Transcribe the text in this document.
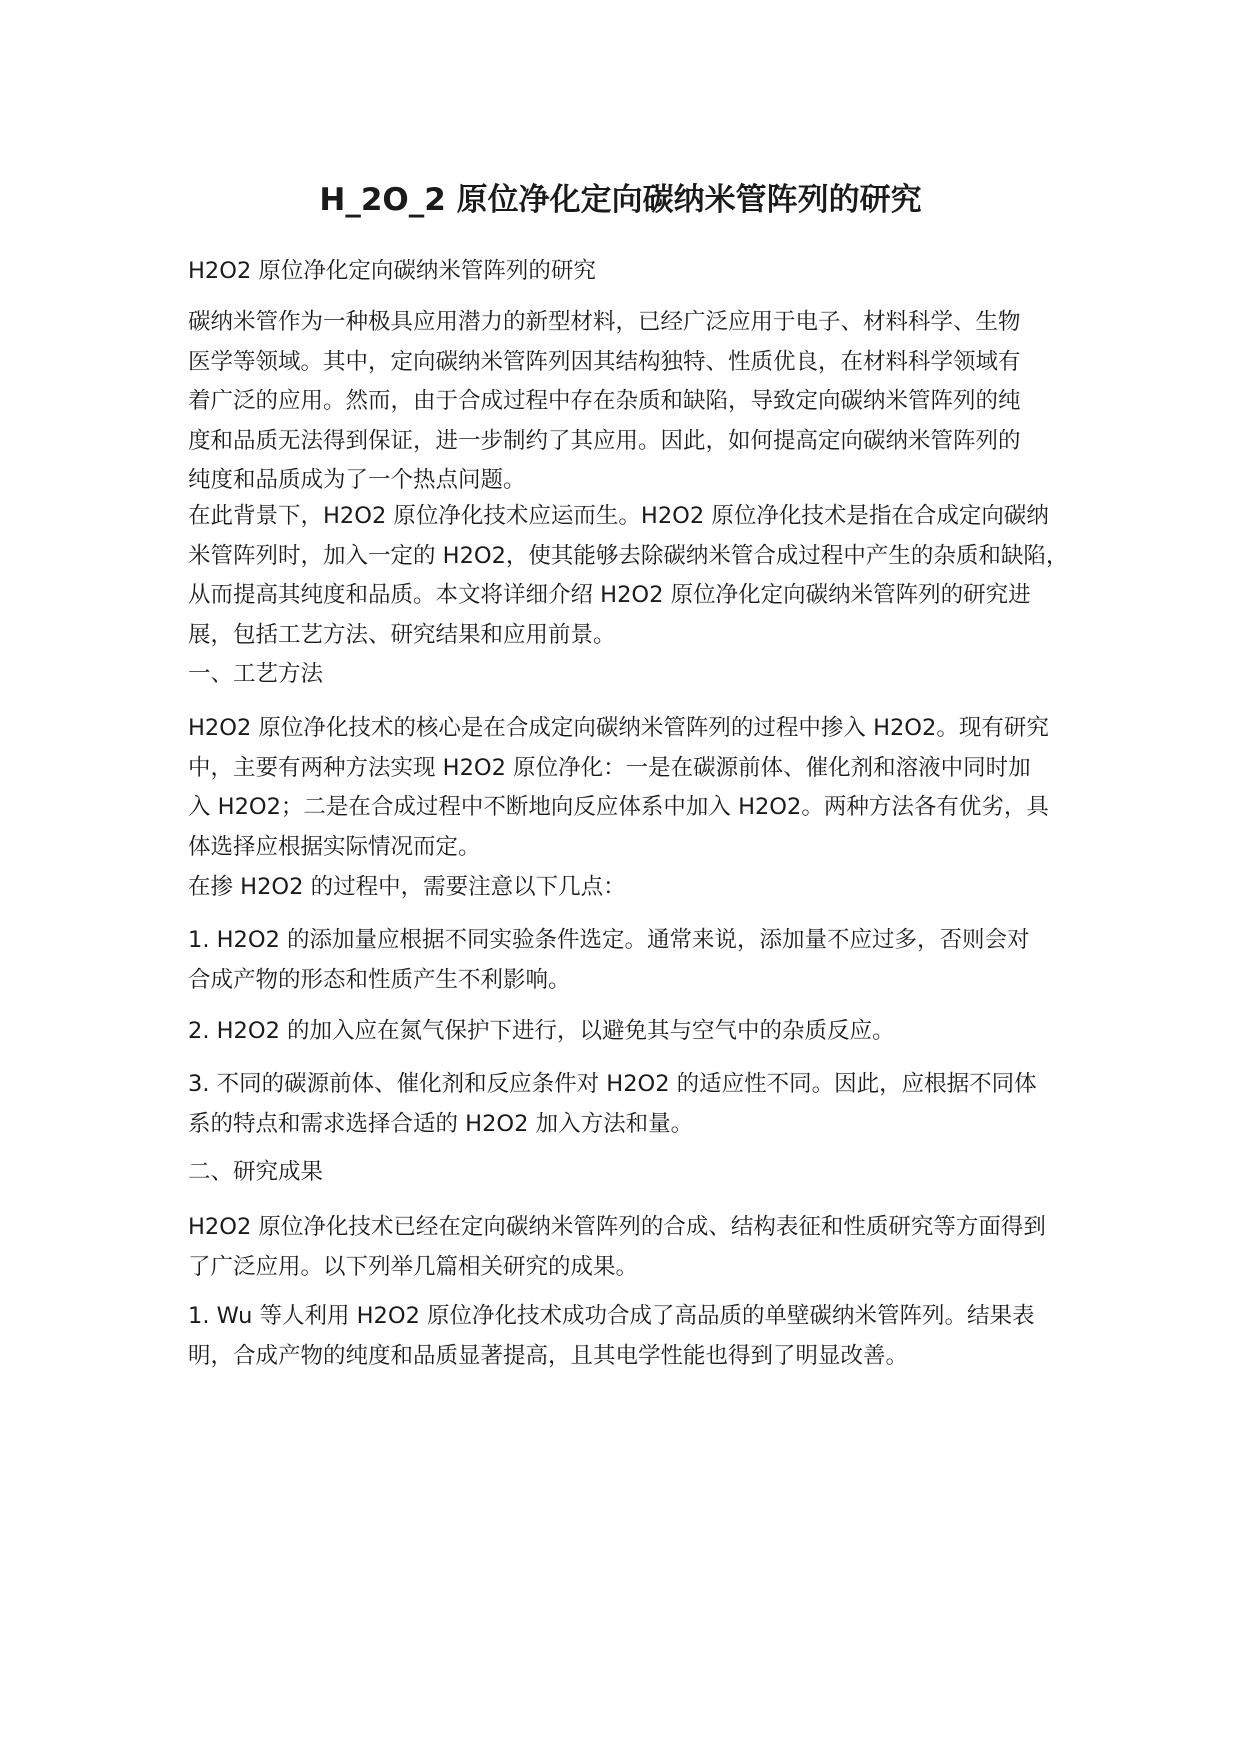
H_2O_2 原位净化定向碳纳米管阵列的研究

H2O2 原位净化定向碳纳米管阵列的研究

碳纳米管作为一种极具应用潜力的新型材料，已经广泛应用于电子、材料科学、生物
医学等领域。其中，定向碳纳米管阵列因其结构独特、性质优良，在材料科学领域有
着广泛的应用。然而，由于合成过程中存在杂质和缺陷，导致定向碳纳米管阵列的纯
度和品质无法得到保证，进一步制约了其应用。因此，如何提高定向碳纳米管阵列的
纯度和品质成为了一个热点问题。

在此背景下，H2O2 原位净化技术应运而生。H2O2 原位净化技术是指在合成定向碳纳
米管阵列时，加入一定的 H2O2，使其能够去除碳纳米管合成过程中产生的杂质和缺陷，
从而提高其纯度和品质。本文将详细介绍 H2O2 原位净化定向碳纳米管阵列的研究进
展，包括工艺方法、研究结果和应用前景。

一、工艺方法

H2O2 原位净化技术的核心是在合成定向碳纳米管阵列的过程中掺入 H2O2。现有研究
中，主要有两种方法实现 H2O2 原位净化：一是在碳源前体、催化剂和溶液中同时加
入 H2O2；二是在合成过程中不断地向反应体系中加入 H2O2。两种方法各有优劣，具
体选择应根据实际情况而定。

在掺 H2O2 的过程中，需要注意以下几点：

1. H2O2 的添加量应根据不同实验条件选定。通常来说，添加量不应过多，否则会对
合成产物的形态和性质产生不利影响。

2. H2O2 的加入应在氮气保护下进行，以避免其与空气中的杂质反应。

3. 不同的碳源前体、催化剂和反应条件对 H2O2 的适应性不同。因此，应根据不同体
系的特点和需求选择合适的 H2O2 加入方法和量。

二、研究成果

H2O2 原位净化技术已经在定向碳纳米管阵列的合成、结构表征和性质研究等方面得到
了广泛应用。以下列举几篇相关研究的成果。

1. Wu 等人利用 H2O2 原位净化技术成功合成了高品质的单壁碳纳米管阵列。结果表
明，合成产物的纯度和品质显著提高，且其电学性能也得到了明显改善。
